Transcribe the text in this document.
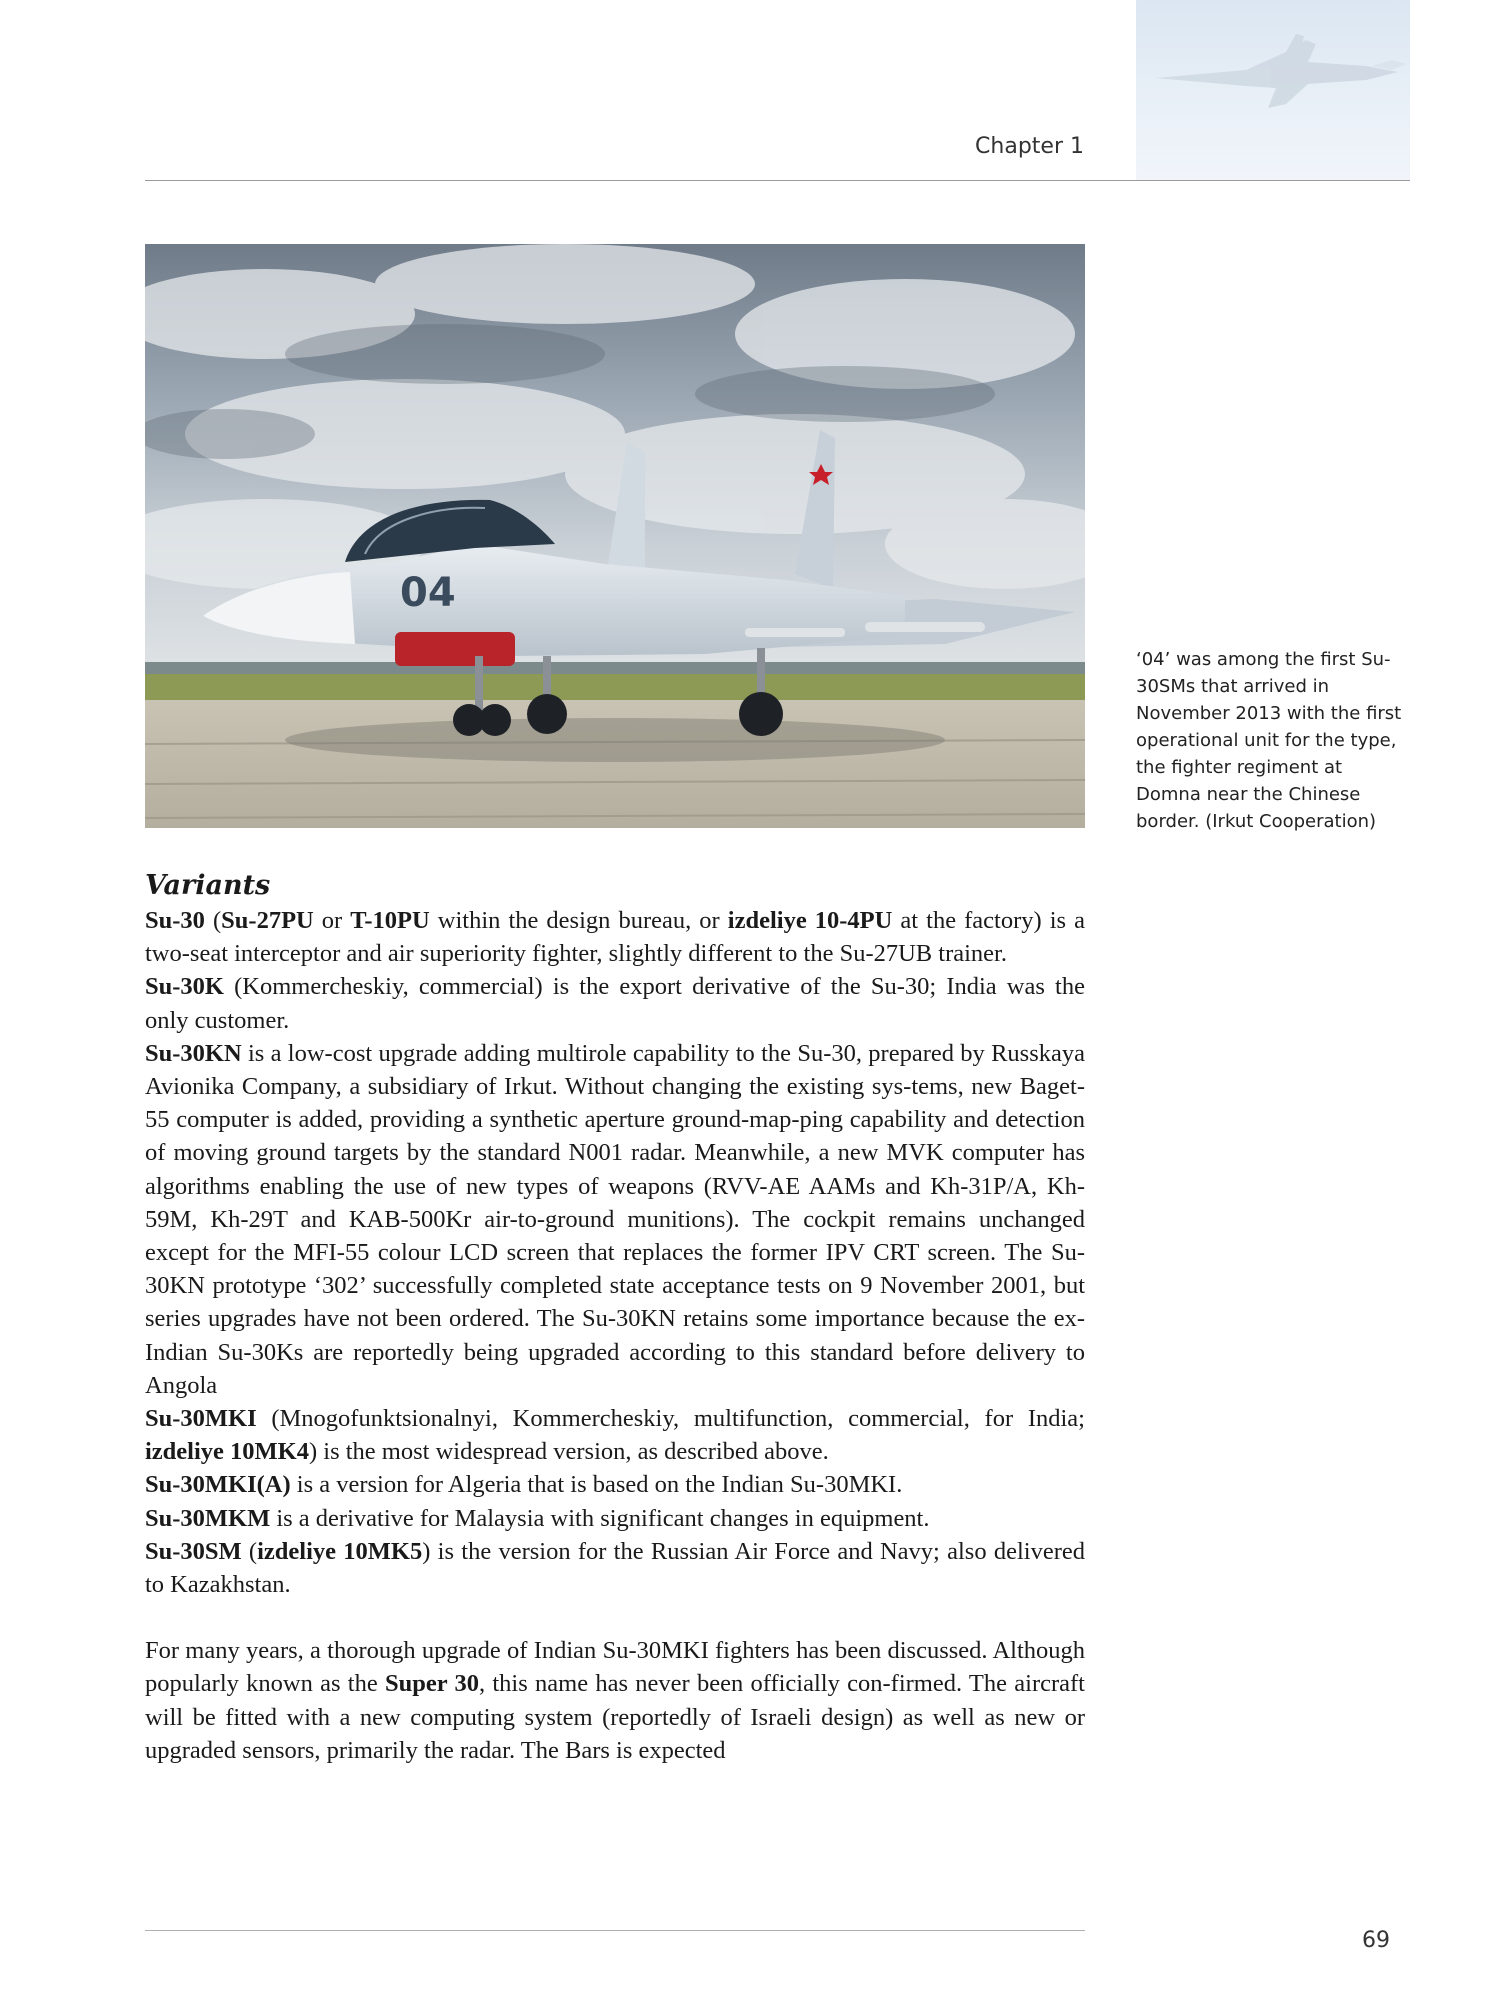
Chapter 1
04
‘04’ was among the first Su-30SMs that arrived in November 2013 with the first operational unit for the type, the fighter regiment at Domna near the Chinese border. (Irkut Cooperation)
Variants

Su-30 (Su-27PU or T-10PU within the design bureau, or izdeliye 10-4PU at the factory) is a two-seat interceptor and air superiority fighter, slightly different to the Su-27UB trainer.

Su-30K (Kommercheskiy, commercial) is the export derivative of the Su-30; India was the only customer.

Su-30KN is a low-cost upgrade adding multirole capability to the Su-30, prepared by Russkaya Avionika Company, a subsidiary of Irkut. Without changing the existing sys-tems, new Baget-55 computer is added, providing a synthetic aperture ground-map-ping capability and detection of moving ground targets by the standard N001 radar. Meanwhile, a new MVK computer has algorithms enabling the use of new types of weapons (RVV-AE AAMs and Kh-31P/A, Kh-59M, Kh-29T and KAB-500Kr air-to-ground munitions). The cockpit remains unchanged except for the MFI-55 colour LCD screen that replaces the former IPV CRT screen. The Su-30KN prototype ‘302’ successfully completed state acceptance tests on 9 November 2001, but series upgrades have not been ordered. The Su-30KN retains some importance because the ex-Indian Su-30Ks are reportedly being upgraded according to this standard before delivery to Angola

Su-30MKI (Mnogofunktsionalnyi, Kommercheskiy, multifunction, commercial, for India; izdeliye 10MK4) is the most widespread version, as described above.

Su-30MKI(A) is a version for Algeria that is based on the Indian Su-30MKI.

Su-30MKM is a derivative for Malaysia with significant changes in equipment.

Su-30SM (izdeliye 10MK5) is the version for the Russian Air Force and Navy; also delivered to Kazakhstan.

For many years, a thorough upgrade of Indian Su-30MKI fighters has been discussed. Although popularly known as the Super 30, this name has never been officially con-firmed. The aircraft will be fitted with a new computing system (reportedly of Israeli design) as well as new or upgraded sensors, primarily the radar. The Bars is expected

69
